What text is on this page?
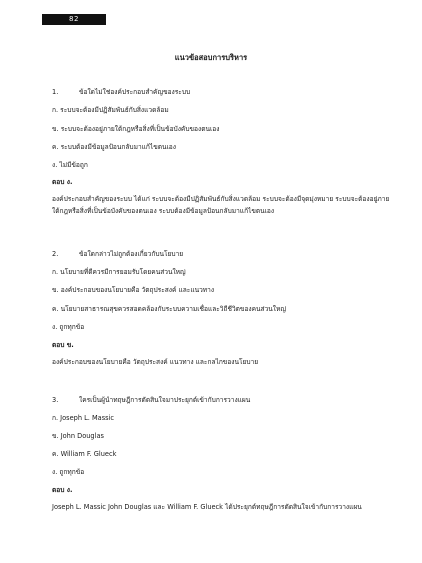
82
แนวข้อสอบการบริหาร
1.	ข้อใดไม่ใช่องค์ประกอบสำคัญของระบบ
ก. ระบบจะต้องมีปฏิสัมพันธ์กับสิ่งแวดล้อม
ข. ระบบจะต้องอยู่ภายใต้กฎหรือสิ่งที่เป็นข้อบังคับของตนเอง
ค. ระบบต้องมีข้อมูลป้อนกลับมาแก้ไขตนเอง
ง. ไม่มีข้อถูก
ตอบ ง.
องค์ประกอบสำคัญของระบบ ได้แก่ ระบบจะต้องมีปฏิสัมพันธ์กับสิ่งแวดล้อม ระบบจะต้องมีจุดมุ่งหมาย ระบบจะต้องอยู่ภายใต้กฎหรือสิ่งที่เป็นข้อบังคับของตนเอง ระบบต้องมีข้อมูลป้อนกลับมาแก้ไขตนเอง
2.	ข้อใดกล่าวไม่ถูกต้องเกี่ยวกับนโยบาย
ก. นโยบายที่ดีควรมีการยอมรับโดยคนส่วนใหญ่
ข. องค์ประกอบของนโยบายคือ วัตถุประสงค์ และแนวทาง
ค. นโยบายสาธารณสุขควรสอดคล้องกับระบบความเชื่อและวิถีชีวิตของคนส่วนใหญ่
ง. ถูกทุกข้อ
ตอบ ข.
องค์ประกอบของนโยบายคือ วัตถุประสงค์ แนวทาง และกลไกของนโยบาย
3.	ใครเป็นผู้นำทฤษฎีการตัดสินใจมาประยุกต์เข้ากับการวางแผน
ก. Joseph L. Massic
ข. John Douglas
ค. William F. Glueck
ง. ถูกทุกข้อ
ตอบ ง.
Joseph L. Massic John Douglas และ William F. Glueck ได้ประยุกต์ทฤษฎีการตัดสินใจเข้ากับการวางแผน
